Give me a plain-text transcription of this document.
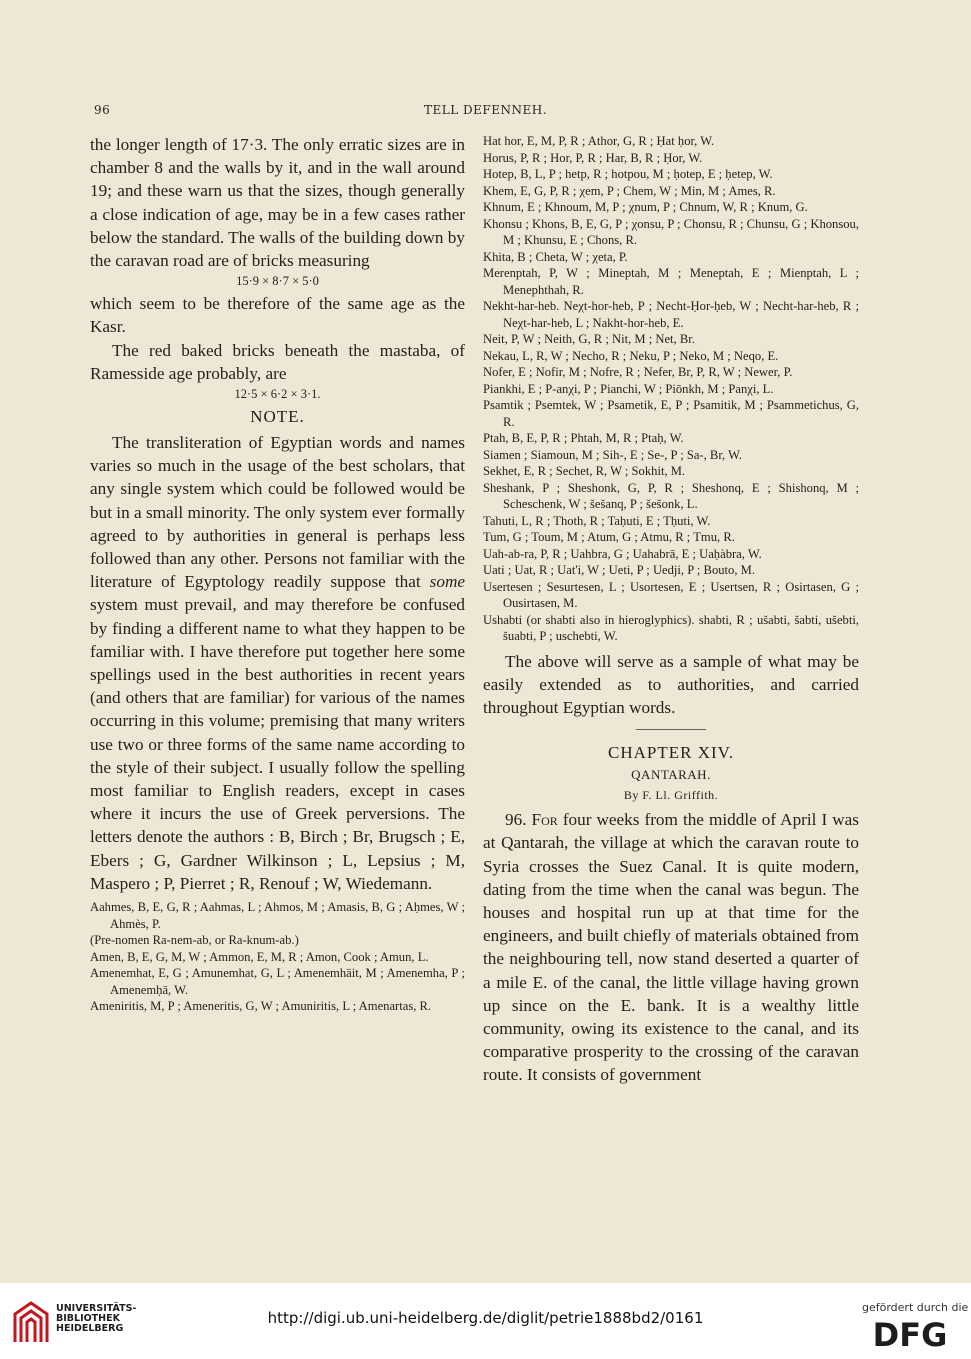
96	TELL DEFENNEH.

the longer length of 17·3. The only erratic sizes are in chamber 8 and the walls by it, and in the wall around 19; and these warn us that the sizes, though generally a close indication of age, may be in a few cases rather below the standard. The walls of the building down by the caravan road are of bricks measuring

15·9 × 8·7 × 5·0

which seem to be therefore of the same age as the Kasr.

The red baked bricks beneath the mastaba, of Ramesside age probably, are

12·5 × 6·2 × 3·1.

NOTE.

The transliteration of Egyptian words and names varies so much in the usage of the best scholars, that any single system which could be followed would be but in a small minority. The only system ever formally agreed to by authorities in general is perhaps less followed than any other. Persons not familiar with the literature of Egyptology readily suppose that some system must prevail, and may therefore be confused by finding a different name to what they happen to be familiar with. I have therefore put together here some spellings used in the best authorities in recent years (and others that are familiar) for various of the names occurring in this volume; premising that many writers use two or three forms of the same name according to the style of their subject. I usually follow the spelling most familiar to English readers, except in cases where it incurs the use of Greek perversions. The letters denote the authors : B, Birch ; Br, Brugsch ; E, Ebers ; G, Gardner Wilkinson ; L, Lepsius ; M, Maspero ; P, Pierret ; R, Renouf ; W, Wiedemann.

Aahmes, B, E, G, R ; Aahmas, L ; Ahmos, M ; Amasis, B, G ; Aḥmes, W ; Ahmès, P.

(Pre-nomen Ra-nem-ab, or Ra-knum-ab.)

Amen, B, E, G, M, W ; Ammon, E, M, R ; Amon, Cook ; Amun, L.

Amenemhat, E, G ; Amunemhat, G, L ; Amenemhäit, M ; Amenemha, P ; Amenemḥā, W.

Ameniritis, M, P ; Ameneritis, G, W ; Amuniritis, L ; Amenartas, R.

Hat hor, E, M, P, R ; Athor, G, R ; Ḥat ḥor, W.

Horus, P, R ; Hor, P, R ; Har, B, R ; Ḥor, W.

Hotep, B, L, P ; hetp, R ; hotpou, M ; ḥotep, E ; ḥetep, W.

Khem, E, G, P, R ; χem, P ; Chem, W ; Min, M ; Ames, R.

Khnum, E ; Khnoum, M, P ; χnum, P ; Chnum, W, R ; Knum, G.

Khonsu ; Khons, B, E, G, P ; χonsu, P ; Chonsu, R ; Chunsu, G ; Khonsou, M ; Khunsu, E ; Chons, R.

Khita, B ; Cheta, W ; χeta, P.

Merenptah, P, W ; Mineptah, M ; Meneptah, E ; Mienptah, L ; Menephthah, R.

Nekht-har-heb. Neχt-hor-heb, P ; Necht-Ḥor-ḥeb, W ; Necht-har-heb, R ; Neχt-har-heb, L ; Nakht-hor-heb, E.

Neit, P, W ; Neith, G, R ; Nit, M ; Net, Br.

Nekau, L, R, W ; Necho, R ; Neku, P ; Neko, M ; Neqo, E.

Nofer, E ; Nofir, M ; Nofre, R ; Nefer, Br, P, R, W ; Newer, P.

Piankhi, E ; P-anχi, P ; Pianchi, W ; Piōnkh, M ; Panχi, L.

Psamtik ; Psemtek, W ; Psametik, E, P ; Psamitik, M ; Psammetichus, G, R.

Ptah, B, E, P, R ; Phtah, M, R ; Ptaḥ, W.

Siamen ; Siamoun, M ; Sih-, E ; Se-, P ; Sa-, Br, W.

Sekhet, E, R ; Sechet, R, W ; Sokhit, M.

Sheshank, P ; Sheshonk, G, P, R ; Sheshonq, E ; Shishonq, M ; Scheschenk, W ; šešanq, P ; šešonk, L.

Tahuti, L, R ; Thoth, R ; Taḥuti, E ; Tḥuti, W.

Tum, G ; Toum, M ; Atum, G ; Atmu, R ; Tmu, R.

Uah-ab-ra, P, R ; Uahbra, G ; Uahabrā, E ; Uaḥàbra, W.

Uati ; Uat, R ; Uat'i, W ; Ueti, P ; Uedji, P ; Bouto, M.

Usertesen ; Sesurtesen, L ; Usortesen, E ; Usertsen, R ; Osirtasen, G ; Ousirtasen, M.

Ushabti (or shabti also in hieroglyphics). shabti, R ; ušabti, šabti, ušebti, šuabti, P ; uschebti, W.

The above will serve as a sample of what may be easily extended as to authorities, and carried throughout Egyptian words.

CHAPTER XIV.

QANTARAH.

By F. Ll. Griffith.

96. For four weeks from the middle of April I was at Qantarah, the village at which the caravan route to Syria crosses the Suez Canal. It is quite modern, dating from the time when the canal was begun. The houses and hospital run up at that time for the engineers, and built chiefly of materials obtained from the neighbouring tell, now stand deserted a quarter of a mile E. of the canal, the little village having grown up since on the E. bank. It is a wealthy little community, owing its existence to the canal, and its comparative prosperity to the crossing of the caravan route. It consists of government

UNIVERSITÄTS-
BIBLIOTHEK
HEIDELBERG
http://digi.ub.uni-heidelberg.de/diglit/petrie1888bd2/0161
gefördert durch die
DFG
